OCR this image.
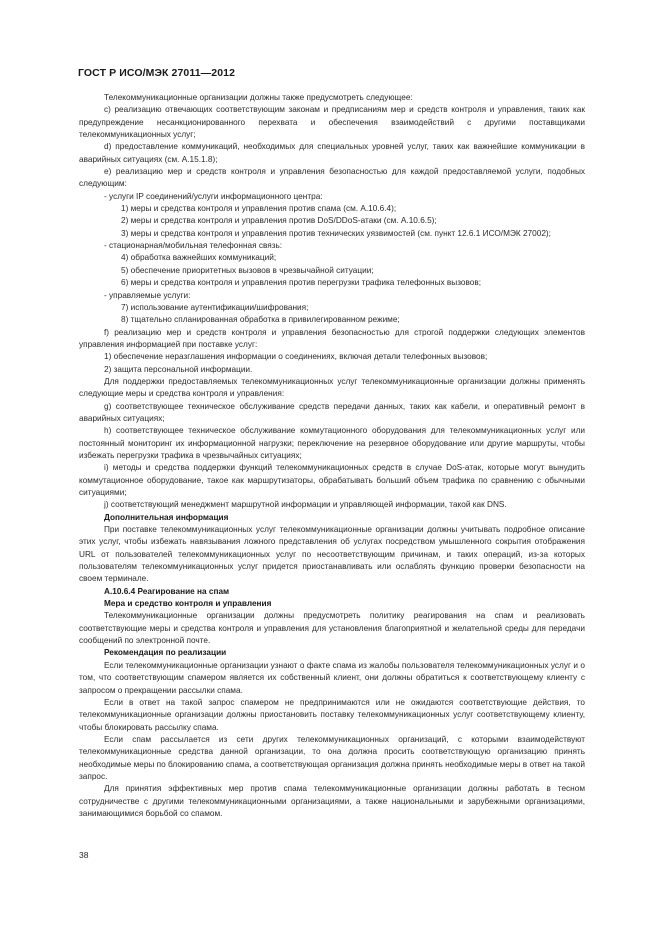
ГОСТ Р ИСО/МЭК 27011—2012

Телекоммуникационные организации должны также предусмотреть следующее:

c) реализацию отвечающих соответствующим законам и предписаниям мер и средств контроля и управления, таких как предупреждение несанкционированного перехвата и обеспечения взаимодействий с другими поставщиками телекоммуникационных услуг;

d) предоставление коммуникаций, необходимых для специальных уровней услуг, таких как важнейшие коммуникации в аварийных ситуациях (см. А.15.1.8);

e) реализацию мер и средств контроля и управления безопасностью для каждой предоставляемой услуги, подобных следующим:

- услуги IP соединений/услуги информационного центра:

1) меры и средства контроля и управления против спама (см. А.10.6.4);

2) меры и средства контроля и управления против DoS/DDoS-атаки (см. А.10.6.5);

3) меры и средства контроля и управления против технических уязвимостей (см. пункт 12.6.1 ИСО/МЭК 27002);

- стационарная/мобильная телефонная связь:

4) обработка важнейших коммуникаций;

5) обеспечение приоритетных вызовов в чрезвычайной ситуации;

6) меры и средства контроля и управления против перегрузки трафика телефонных вызовов;

- управляемые услуги:

7) использование аутентификации/шифрования;

8) тщательно спланированная обработка в привилегированном режиме;

f) реализацию мер и средств контроля и управления безопасностью для строгой поддержки следующих элементов управления информацией при поставке услуг:

1) обеспечение неразглашения информации о соединениях, включая детали телефонных вызовов;

2) защита персональной информации.

Для поддержки предоставляемых телекоммуникационных услуг телекоммуникационные организации должны применять следующие меры и средства контроля и управления:

g) соответствующее техническое обслуживание средств передачи данных, таких как кабели, и оперативный ремонт в аварийных ситуациях;

h) соответствующее техническое обслуживание коммутационного оборудования для телекоммуникационных услуг или постоянный мониторинг их информационной нагрузки; переключение на резервное оборудование или другие маршруты, чтобы избежать перегрузки трафика в чрезвычайных ситуациях;

i) методы и средства поддержки функций телекоммуникационных средств в случае DoS-атак, которые могут вынудить коммутационное оборудование, такое как маршрутизаторы, обрабатывать больший объем трафика по сравнению с обычными ситуациями;

j) соответствующий менеджмент маршрутной информации и управляющей информации, такой как DNS.

Дополнительная информация

При поставке телекоммуникационных услуг телекоммуникационные организации должны учитывать подробное описание этих услуг, чтобы избежать навязывания ложного представления об услугах посредством умышленного сокрытия отображения URL от пользователей телекоммуникационных услуг по несоответствующим причинам, и таких операций, из-за которых пользователям телекоммуникационных услуг придется приостанавливать или ослаблять функцию проверки безопасности на своем терминале.

A.10.6.4 Реагирование на спам

Мера и средство контроля и управления

Телекоммуникационные организации должны предусмотреть политику реагирования на спам и реализовать соответствующие меры и средства контроля и управления для установления благоприятной и желательной среды для передачи сообщений по электронной почте.

Рекомендация по реализации

Если телекоммуникационные организации узнают о факте спама из жалобы пользователя телекоммуникационных услуг и о том, что соответствующим спамером является их собственный клиент, они должны обратиться к соответствующему клиенту с запросом о прекращении рассылки спама.

Если в ответ на такой запрос спамером не предпринимаются или не ожидаются соответствующие действия, то телекоммуникационные организации должны приостановить поставку телекоммуникационных услуг соответствующему клиенту, чтобы блокировать рассылку спама.

Если спам рассылается из сети других телекоммуникационных организаций, с которыми взаимодействуют телекоммуникационные средства данной организации, то она должна просить соответствующую организацию принять необходимые меры по блокированию спама, а соответствующая организация должна принять необходимые меры в ответ на такой запрос.

Для принятия эффективных мер против спама телекоммуникационные организации должны работать в тесном сотрудничестве с другими телекоммуникационными организациями, а также национальными и зарубежными организациями, занимающимися борьбой со спамом.

38
